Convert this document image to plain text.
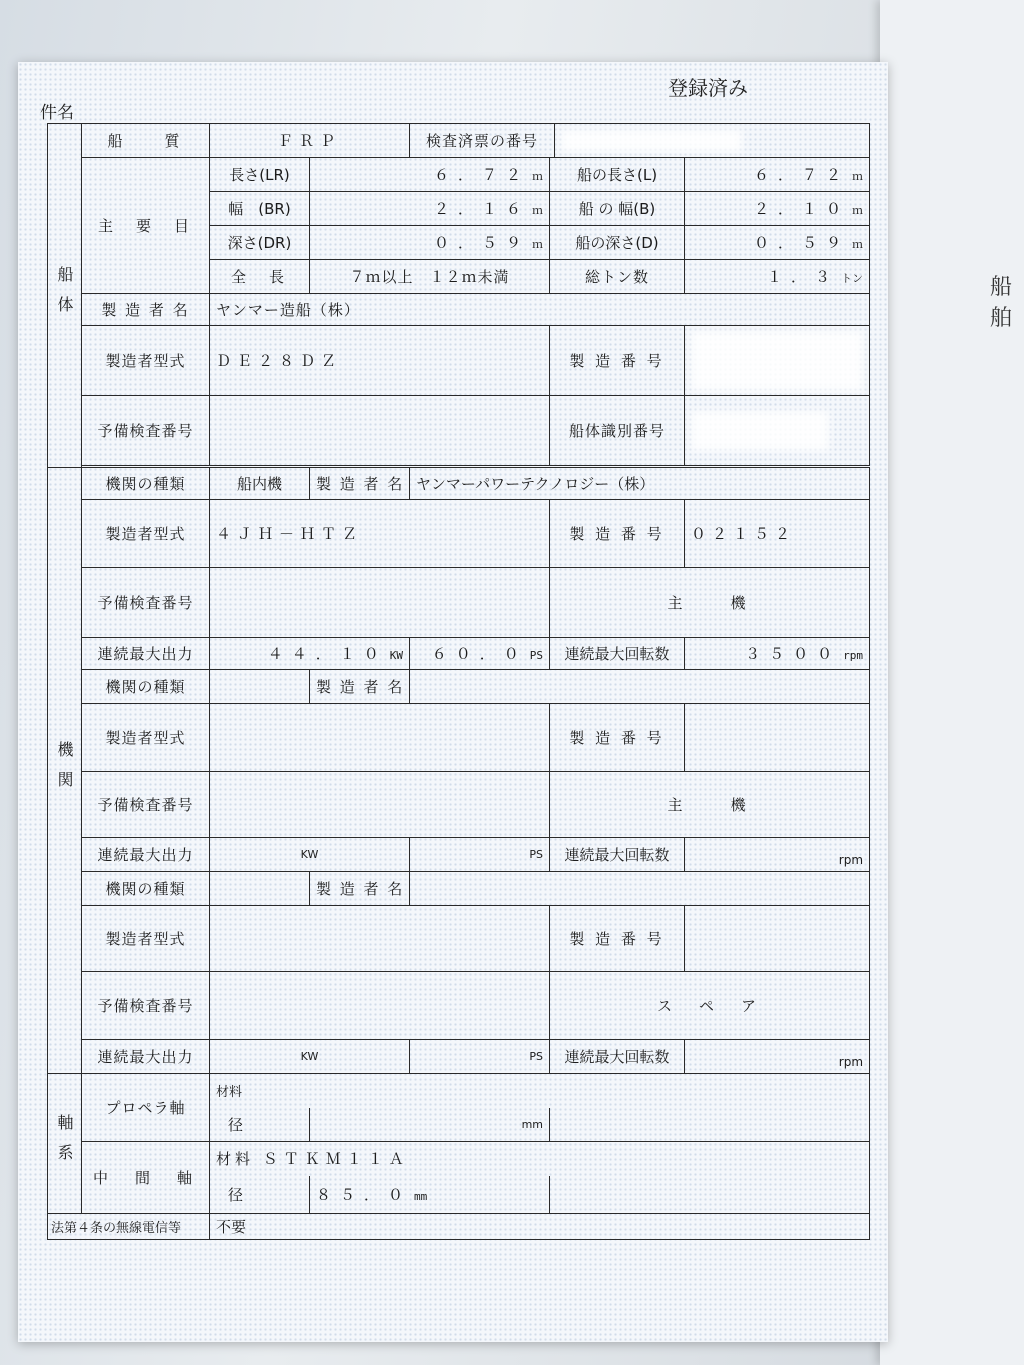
船舶
登録済み
件名
船体	船　　質	ＦＲＰ		検査済票の番号			

	主　要　目	長さ(LR)	６．７２ ｍ		船の長さ(L)		６．７２ ｍ
		幅　(BR)	２．１６ ｍ		船 の 幅(B)		２．１０ ｍ
		深さ(DR)	０．５９ ｍ		船の深さ(D)		０．５９ ｍ
		全　長	７ｍ以上　１２ｍ未満		総トン数		１．３ トン
	製 造 者 名	ヤンマー造船（株）					
	製造者型式	ＤＥ２８ＤＺ			製 造 番 号		

	予備検査番号				船体識別番号		

機関	機関の種類	船内機	製 造 者 名	ヤンマーパワーテクノロジー（株）			
	製造者型式	４ＪＨ－ＨＴＺ			製 造 番 号		０２１５２
	予備検査番号				主　　機		
	連続最大出力	４４．１０ KW		６０．０ PS	連続最大回転数		３５００ rpm
	機関の種類		製 造 者 名				
	製造者型式				製 造 番 号		
	予備検査番号				主　　機		
	連続最大出力	KW		PS	連続最大回転数		rpm
	機関の種類		製 造 者 名				
	製造者型式				製 造 番 号		
	予備検査番号				ス　ペ　ア		
	連続最大出力	KW		PS	連続最大回転数		rpm
軸系	プロペラ軸	材料					
		径	mm				
	中　間　軸	材料 ＳＴＫＭ１１Ａ					
		径	８５．０ mm				
法第４条の無線電信等		不要					
